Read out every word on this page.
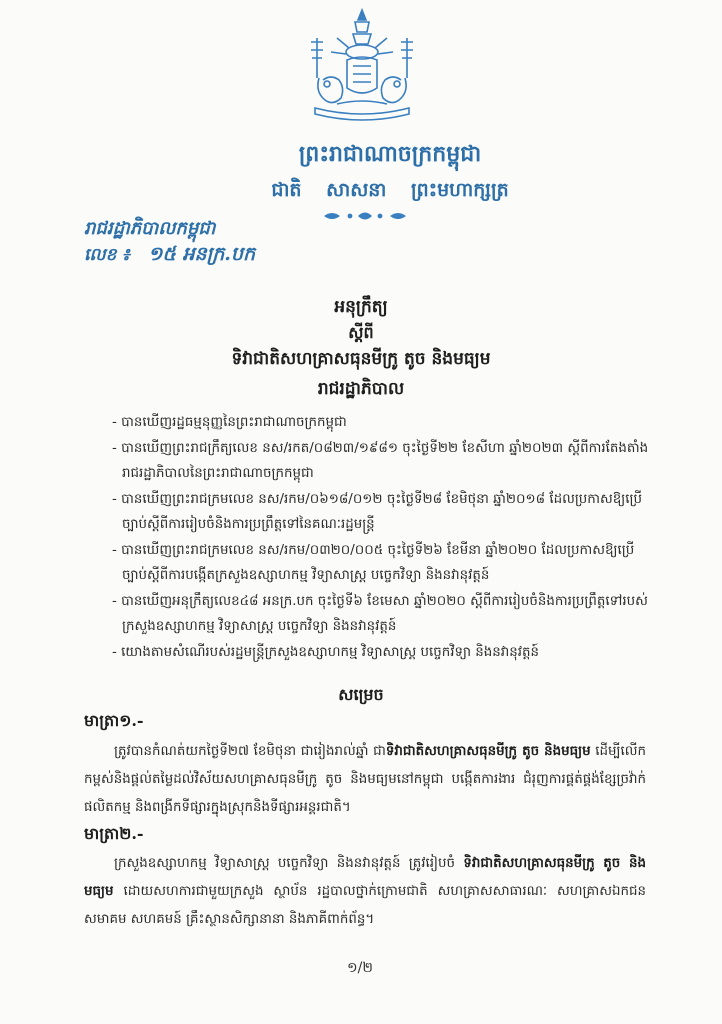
ព្រះរាជាណាចក្រកម្ពុជា
ជាតិ សាសនា ព្រះមហាក្សត្រ
រាជរដ្ឋាភិបាលកម្ពុជា
លេខ ៖ ១៥ អនក្រ.បក
អនុក្រឹត្យ
ស្តីពី
ទិវាជាតិសហគ្រាសធុនមីក្រូ តូច និងមធ្យម
រាជរដ្ឋាភិបាល
- បានឃើញរដ្ឋធម្មនុញ្ញនៃព្រះរាជាណាចក្រកម្ពុជា
- បានឃើញព្រះរាជក្រឹត្យលេខ នស/រកត/០៨២៣/១៩៨១ ចុះថ្ងៃទី២២ ខែសីហា ឆ្នាំ២០២៣ ស្តីពីការតែងតាំងរាជរដ្ឋាភិបាលនៃព្រះរាជាណាចក្រកម្ពុជា
- បានឃើញព្រះរាជក្រមលេខ នស/រកម/០៦១៨/០១២ ចុះថ្ងៃទី២៨ ខែមិថុនា ឆ្នាំ២០១៨ ដែលប្រកាសឱ្យប្រើច្បាប់ស្តីពីការរៀបចំនិងការប្រព្រឹត្តទៅនៃគណៈរដ្ឋមន្ត្រី
- បានឃើញព្រះរាជក្រមលេខ នស/រកម/០៣២០/០០៥ ចុះថ្ងៃទី២៦ ខែមីនា ឆ្នាំ២០២០ ដែលប្រកាសឱ្យប្រើច្បាប់ស្តីពីការបង្កើតក្រសួងឧស្សាហកម្ម វិទ្យាសាស្ត្រ បច្ចេកវិទ្យា និងនវានុវត្តន៍
- បានឃើញអនុក្រឹត្យលេខ៤៨ អនក្រ.បក ចុះថ្ងៃទី៦ ខែមេសា ឆ្នាំ២០២០ ស្តីពីការរៀបចំនិងការប្រព្រឹត្តទៅរបស់ក្រសួងឧស្សាហកម្ម វិទ្យាសាស្ត្រ បច្ចេកវិទ្យា និងនវានុវត្តន៍
- យោងតាមសំណើរបស់រដ្ឋមន្ត្រីក្រសួងឧស្សាហកម្ម វិទ្យាសាស្ត្រ បច្ចេកវិទ្យា និងនវានុវត្តន៍
សម្រេច
មាត្រា១.-

ត្រូវបានកំណត់យកថ្ងៃទី២៧ ខែមិថុនា ជារៀងរាល់ឆ្នាំ ជាទិវាជាតិសហគ្រាសធុនមីក្រូ តូច និងមធ្យម ដើម្បីលើកកម្ពស់និងផ្តល់តម្លៃដល់វិស័យសហគ្រាសធុនមីក្រូ តូច និងមធ្យមនៅកម្ពុជា បង្កើតការងារ ជំរុញការផ្គត់ផ្គង់ខ្សែច្រវ៉ាក់ផលិតកម្ម និងពង្រីកទីផ្សារក្នុងស្រុកនិងទីផ្សារអន្តរជាតិ។

មាត្រា២.-

ក្រសួងឧស្សាហកម្ម វិទ្យាសាស្ត្រ បច្ចេកវិទ្យា និងនវានុវត្តន៍ ត្រូវរៀបចំ ទិវាជាតិសហគ្រាសធុនមីក្រូ តូច និងមធ្យម ដោយសហការជាមួយក្រសួង ស្ថាប័ន រដ្ឋបាលថ្នាក់ក្រោមជាតិ សហគ្រាសសាធារណៈ សហគ្រាសឯកជន សមាគម សហគមន៍ គ្រឹះស្ថានសិក្សានានា និងភាគីពាក់ព័ន្ធ។

១/២
